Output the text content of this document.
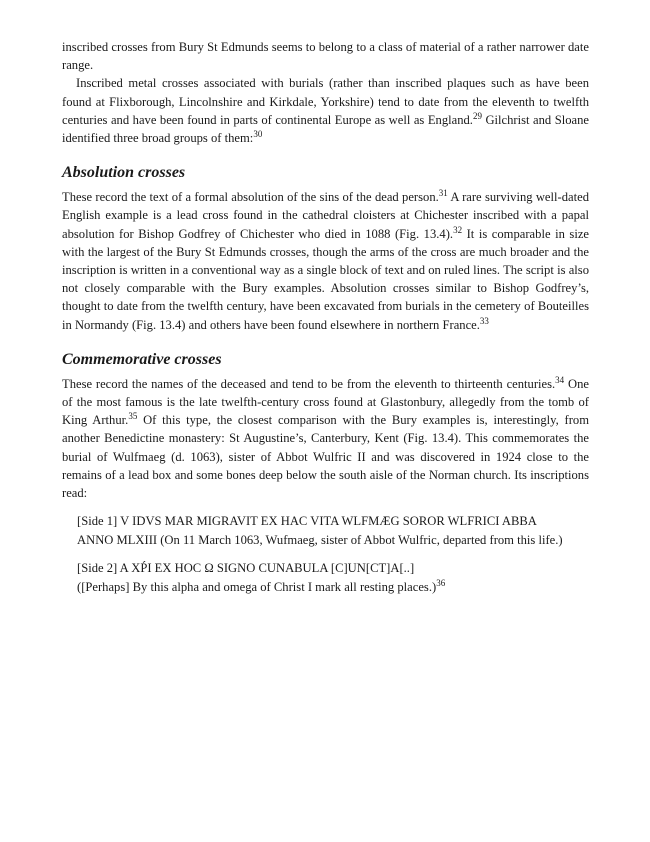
inscribed crosses from Bury St Edmunds seems to belong to a class of material of a rather narrower date range.

Inscribed metal crosses associated with burials (rather than inscribed plaques such as have been found at Flixborough, Lincolnshire and Kirkdale, Yorkshire) tend to date from the eleventh to twelfth centuries and have been found in parts of continental Europe as well as England.$^{29}$ Gilchrist and Sloane identified three broad groups of them:$^{30}$

Absolution crosses

These record the text of a formal absolution of the sins of the dead person.$^{31}$ A rare surviving well-dated English example is a lead cross found in the cathedral cloisters at Chichester inscribed with a papal absolution for Bishop Godfrey of Chichester who died in 1088 (Fig. 13.4).$^{32}$ It is comparable in size with the largest of the Bury St Edmunds crosses, though the arms of the cross are much broader and the inscription is written in a conventional way as a single block of text and on ruled lines. The script is also not closely comparable with the Bury examples. Absolution crosses similar to Bishop Godfrey’s, thought to date from the twelfth century, have been excavated from burials in the cemetery of Bouteilles in Normandy (Fig. 13.4) and others have been found elsewhere in northern France.$^{33}$

Commemorative crosses

These record the names of the deceased and tend to be from the eleventh to thirteenth centuries.$^{34}$ One of the most famous is the late twelfth-century cross found at Glastonbury, allegedly from the tomb of King Arthur.$^{35}$ Of this type, the closest comparison with the Bury examples is, interestingly, from another Benedictine monastery: St Augustine’s, Canterbury, Kent (Fig. 13.4). This commemorates the burial of Wulfmaeg (d. 1063), sister of Abbot Wulfric II and was discovered in 1924 close to the remains of a lead box and some bones deep below the south aisle of the Norman church. Its inscriptions read:

[Side 1] V IDVS MAR MIGRAVIT EX HAC VITA WLFMÆG SOROR WLFRICI ABBA ANNO MLXIII (On 11 March 1063, Wufmaeg, sister of Abbot Wulfric, departed from this life.)

[Side 2] A XṔI EX HOC Ω SIGNO CUNABULA [C]UN[CT]A[..]
([Perhaps] By this alpha and omega of Christ I mark all resting places.)$^{36}$
